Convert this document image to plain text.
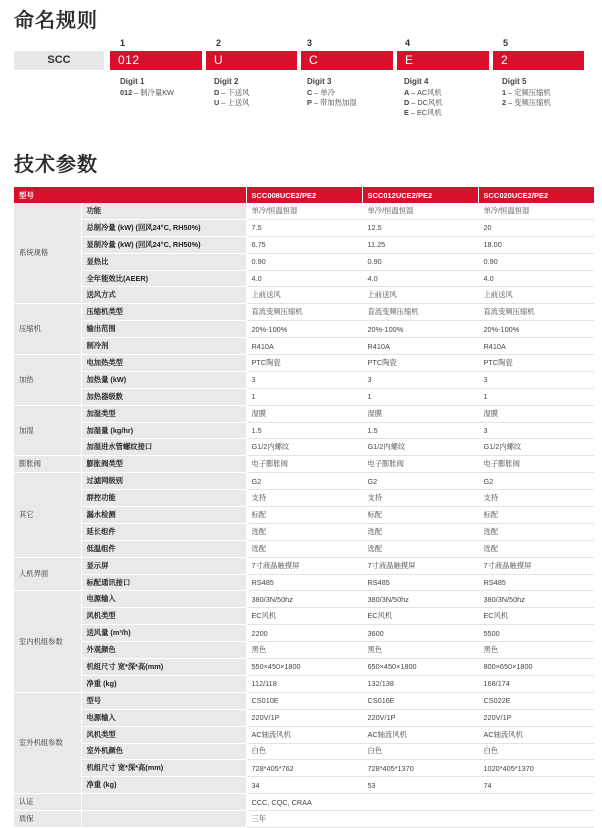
命名规则
1	2	3	4	5
SCC	012	U	C	E	2
Digit 1	Digit 2	Digit 3	Digit 4	Digit 5
012 – 制冷量KW	D – 下送风
U – 上送风
C – 单冷
P – 带加热加湿
A – AC风机
D – DC风机
E – EC风机
1 – 定频压缩机
2 – 变频压缩机
技术参数
型号		SCC008UCE2/PE2	SCC012UCE2/PE2	SCC020UCE2/PE2
系统规格	功能	单冷/恒温恒湿	单冷/恒温恒湿	单冷/恒温恒湿
	总制冷量 (kW) (回风24°C, RH50%)	7.5	12.5	20
	显制冷量 (kW) (回风24°C, RH50%)	6.75	11.25	18.00
	显热比	0.90	0.90	0.90
	全年能效比(AEER)	4.0	4.0	4.0
	送风方式	上前送风	上前送风	上前送风
压缩机	压缩机类型	直流变频压缩机	直流变频压缩机	直流变频压缩机
	输出范围	20%-100%	20%-100%	20%-100%
	制冷剂	R410A	R410A	R410A
加热	电加热类型	PTC陶瓷	PTC陶瓷	PTC陶瓷
	加热量 (kW)	3	3	3
	加热器级数	1	1	1
加湿	加湿类型	湿膜	湿膜	湿膜
	加湿量 (kg/hr)	1.5	1.5	3
	加湿进水管螺纹接口	G1/2内螺纹	G1/2内螺纹	G1/2内螺纹
膨胀阀	膨胀阀类型	电子膨胀阀	电子膨胀阀	电子膨胀阀
其它	过滤网级别	G2	G2	G2
	群控功能	支持	支持	支持
	漏水检测	标配	标配	标配
	延长组件	选配	选配	选配
	低温组件	选配	选配	选配
人机界面	显示屏	7寸液晶触摸屏	7寸液晶触摸屏	7寸液晶触摸屏
	标配通讯接口	RS485	RS485	RS485
室内机组参数	电源输入	380/3N/50hz	380/3N/50hz	380/3N/50hz
	风机类型	EC风机	EC风机	EC风机
	送风量 (m³/h)	2200	3600	5500
	外观颜色	黑色	黑色	黑色
	机组尺寸 宽*深*高(mm)	550×450×1800	650×450×1800	800×650×1800
	净重 (kg)	112/118	132/138	168/174
室外机组参数	型号	CS010E	CS016E	CS022E
	电源输入	220V/1P	220V/1P	220V/1P
	风机类型	AC轴流风机	AC轴流风机	AC轴流风机
	室外机颜色	白色	白色	白色
	机组尺寸 宽*深*高(mm)	728*405*762	728*405*1370	1020*405*1370
	净重 (kg)	34	53	74
认证		CCC, CQC, CRAA		
质保		三年		
